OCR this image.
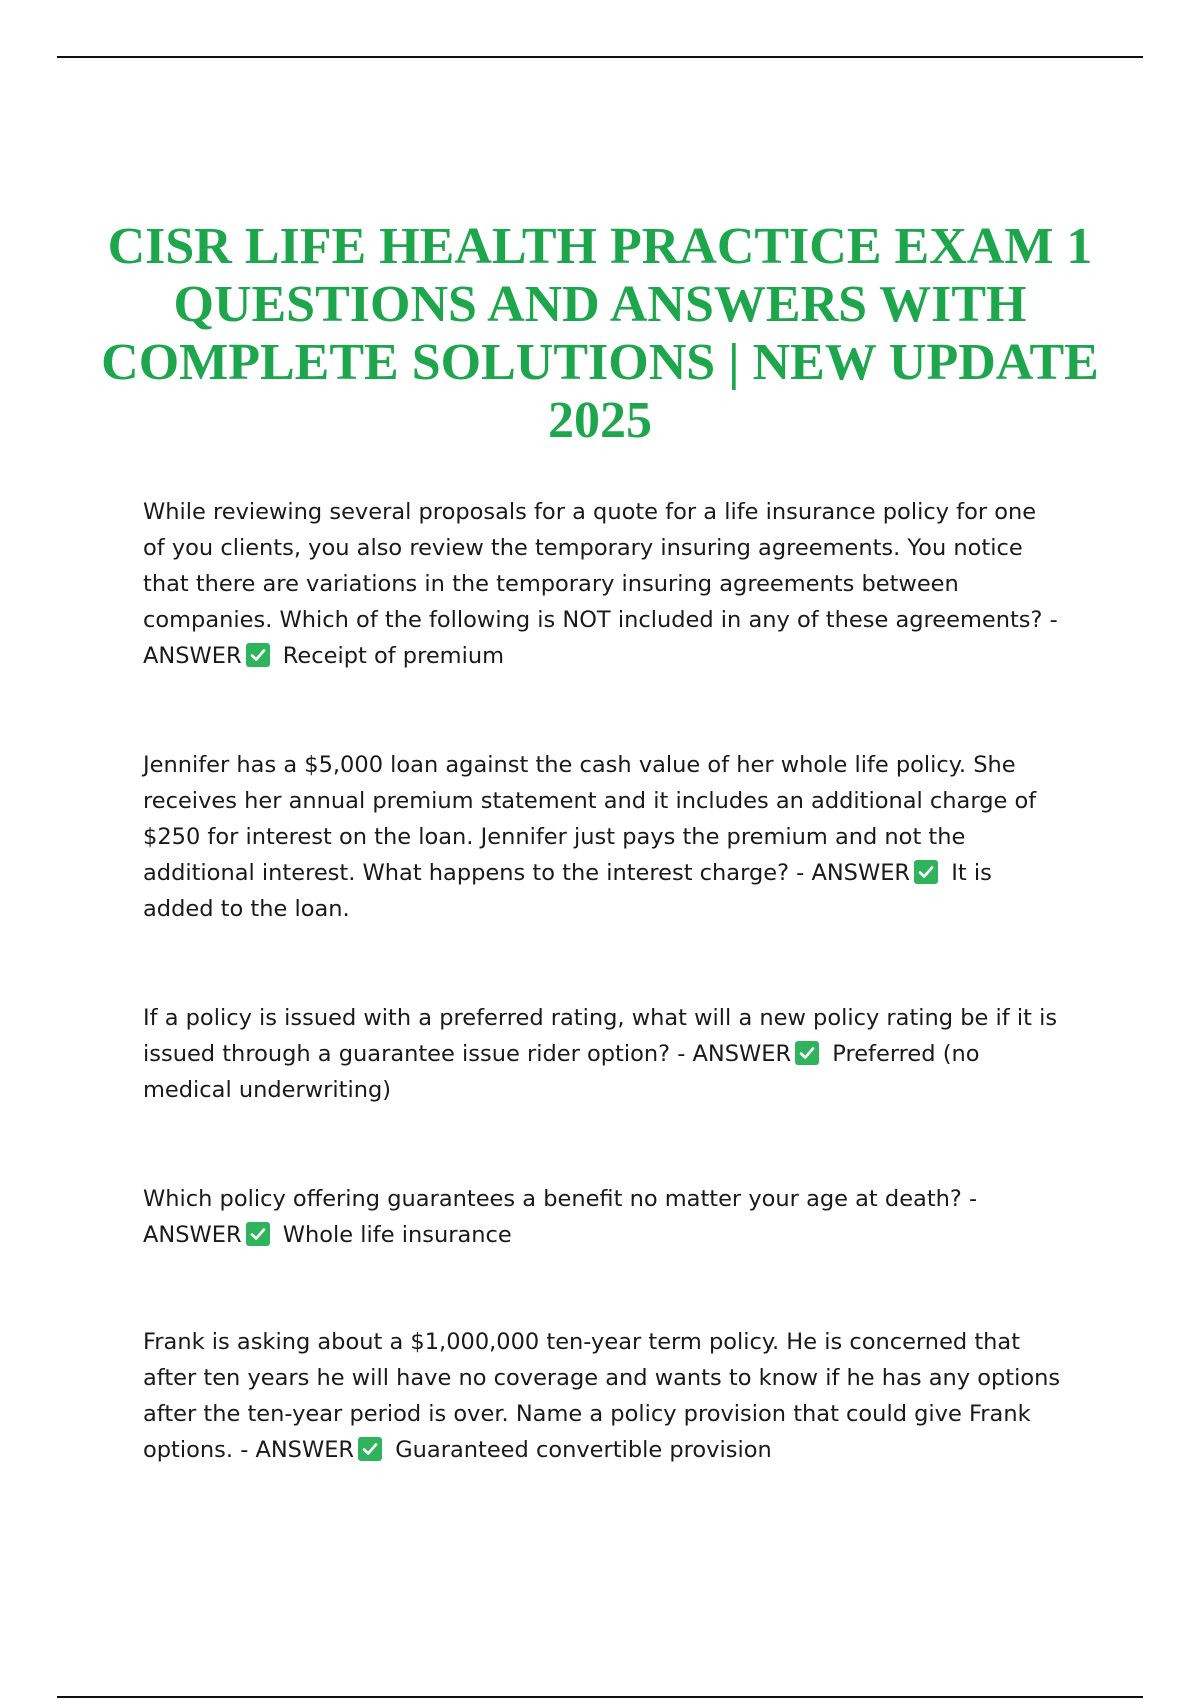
CISR LIFE HEALTH PRACTICE EXAM 1 QUESTIONS AND ANSWERS WITH COMPLETE SOLUTIONS | NEW UPDATE 2025

While reviewing several proposals for a quote for a life insurance policy for one of you clients, you also review the temporary insuring agreements. You notice that there are variations in the temporary insuring agreements between companies. Which of the following is NOT included in any of these agreements? - ANSWER Receipt of premium

Jennifer has a $5,000 loan against the cash value of her whole life policy. She receives her annual premium statement and it includes an additional charge of $250 for interest on the loan. Jennifer just pays the premium and not the additional interest. What happens to the interest charge? - ANSWER It is added to the loan.

If a policy is issued with a preferred rating, what will a new policy rating be if it is issued through a guarantee issue rider option? - ANSWER Preferred (no medical underwriting)

Which policy offering guarantees a benefit no matter your age at death? - ANSWER Whole life insurance

Frank is asking about a $1,000,000 ten-year term policy. He is concerned that after ten years he will have no coverage and wants to know if he has any options after the ten-year period is over. Name a policy provision that could give Frank options. - ANSWER Guaranteed convertible provision
